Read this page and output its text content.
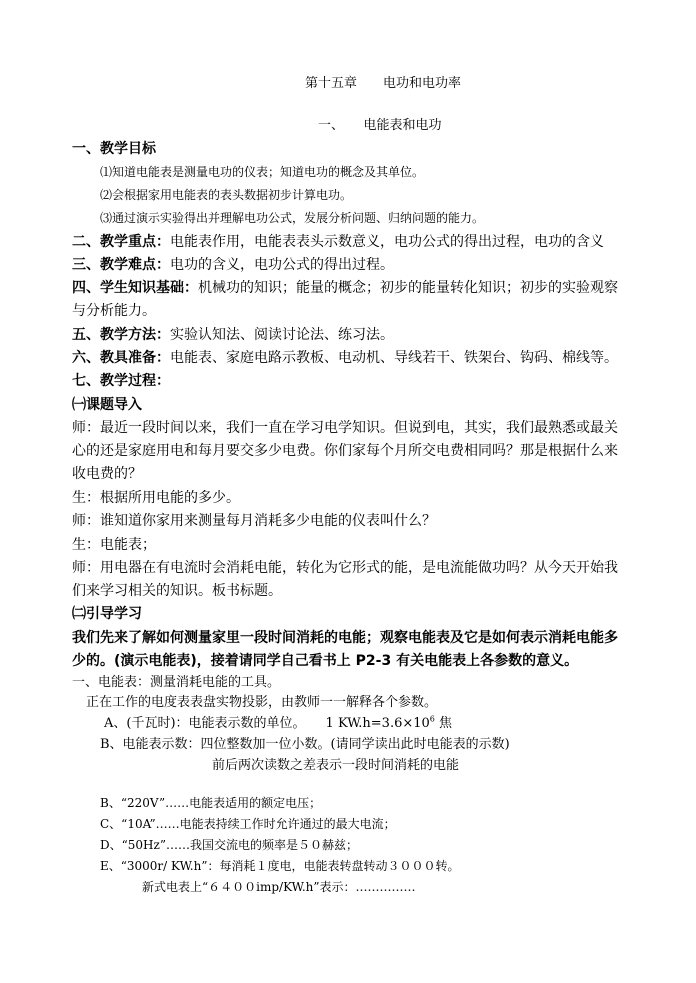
第十五章　　电功和电功率
一、　　电能表和电功
一、教学目标
⑴知道电能表是测量电功的仪表；知道电功的概念及其单位。
⑵会根据家用电能表的表头数据初步计算电功。
⑶通过演示实验得出并理解电功公式，发展分析问题、归纳问题的能力。
二、教学重点：电能表作用，电能表表头示数意义，电功公式的得出过程，电功的含义
三、教学难点：电功的含义，电功公式的得出过程。
四、学生知识基础：机械功的知识；能量的概念；初步的能量转化知识；初步的实验观察
与分析能力。
五、教学方法：实验认知法、阅读讨论法、练习法。
六、教具准备：电能表、家庭电路示教板、电动机、导线若干、铁架台、钩码、棉线等。
七、教学过程：
㈠课题导入
师：最近一段时间以来，我们一直在学习电学知识。但说到电，其实，我们最熟悉或最关
心的还是家庭用电和每月要交多少电费。你们家每个月所交电费相同吗？那是根据什么来
收电费的？
生：根据所用电能的多少。
师：谁知道你家用来测量每月消耗多少电能的仪表叫什么？
生：电能表；
师：用电器在有电流时会消耗电能，转化为它形式的能，是电流能做功吗？从今天开始我
们来学习相关的知识。板书标题。
㈡引导学习
我们先来了解如何测量家里一段时间消耗的电能；观察电能表及它是如何表示消耗电能多
少的。(演示电能表)，接着请同学自己看书上 P2-3 有关电能表上各参数的意义。
一、电能表：测量消耗电能的工具。
正在工作的电度表表盘实物投影，由教师一一解释各个参数。
A、(千瓦时)：电能表示数的单位。 1 $KW.h=3.6\times 10^6$ 焦
B、电能表示数：四位整数加一位小数。(请同学读出此时电能表的示数)
前后两次读数之差表示一段时间消耗的电能
B、“220V”……电能表适用的额定电压；
C、“10A”……电能表持续工作时允许通过的最大电流；
D、“50Hz”……我国交流电的频率是５０赫兹；
E、“3000r/ KW.h”：每消耗１度电，电能表转盘转动３０００转。
新式电表上“６４００imp/KW.h”表示：……………
